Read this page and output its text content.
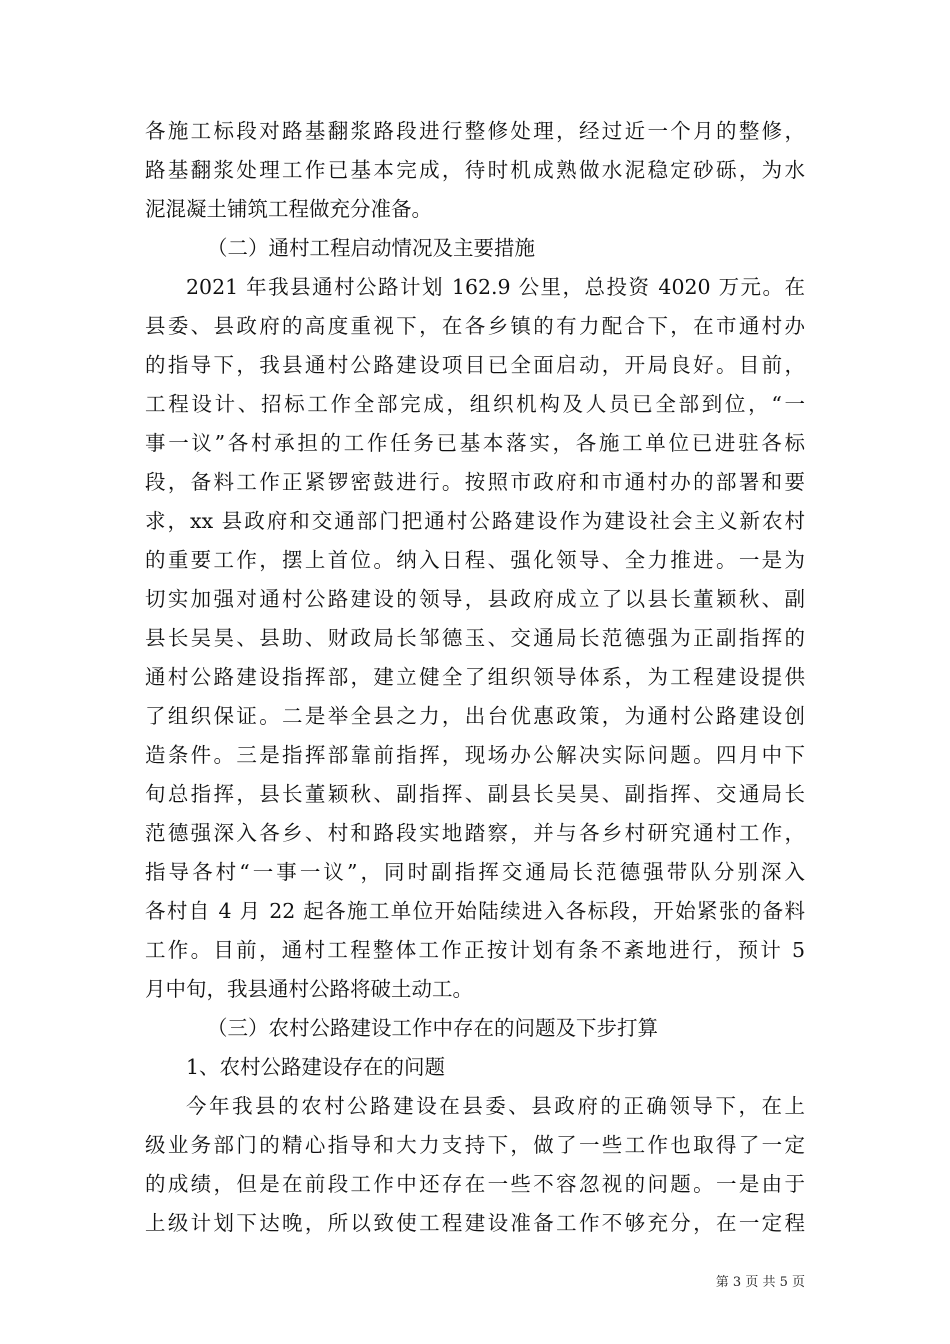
各施工标段对路基翻浆路段进行整修处理，经过近一个月的整修，
路基翻浆处理工作已基本完成，待时机成熟做水泥稳定砂砾，为水
泥混凝土铺筑工程做充分准备。
（二）通村工程启动情况及主要措施
2021 年我县通村公路计划 162.9 公里，总投资 4020 万元。在
县委、县政府的高度重视下，在各乡镇的有力配合下，在市通村办
的指导下，我县通村公路建设项目已全面启动，开局良好。目前，
工程设计、招标工作全部完成，组织机构及人员已全部到位，“一
事一议”各村承担的工作任务已基本落实，各施工单位已进驻各标
段，备料工作正紧锣密鼓进行。按照市政府和市通村办的部署和要
求，xx 县政府和交通部门把通村公路建设作为建设社会主义新农村
的重要工作，摆上首位。纳入日程、强化领导、全力推进。一是为
切实加强对通村公路建设的领导，县政府成立了以县长董颖秋、副
县长吴昊、县助、财政局长邹德玉、交通局长范德强为正副指挥的
通村公路建设指挥部，建立健全了组织领导体系，为工程建设提供
了组织保证。二是举全县之力，出台优惠政策，为通村公路建设创
造条件。三是指挥部靠前指挥，现场办公解决实际问题。四月中下
旬总指挥，县长董颖秋、副指挥、副县长吴昊、副指挥、交通局长
范德强深入各乡、村和路段实地踏察，并与各乡村研究通村工作，
指导各村“一事一议”，同时副指挥交通局长范德强带队分别深入
各村自 4 月 22 起各施工单位开始陆续进入各标段，开始紧张的备料
工作。目前，通村工程整体工作正按计划有条不紊地进行，预计 5
月中旬，我县通村公路将破土动工。
（三）农村公路建设工作中存在的问题及下步打算
1、农村公路建设存在的问题
今年我县的农村公路建设在县委、县政府的正确领导下，在上
级业务部门的精心指导和大力支持下，做了一些工作也取得了一定
的成绩，但是在前段工作中还存在一些不容忽视的问题。一是由于
上级计划下达晚，所以致使工程建设准备工作不够充分，在一定程
第 3 页 共 5 页
